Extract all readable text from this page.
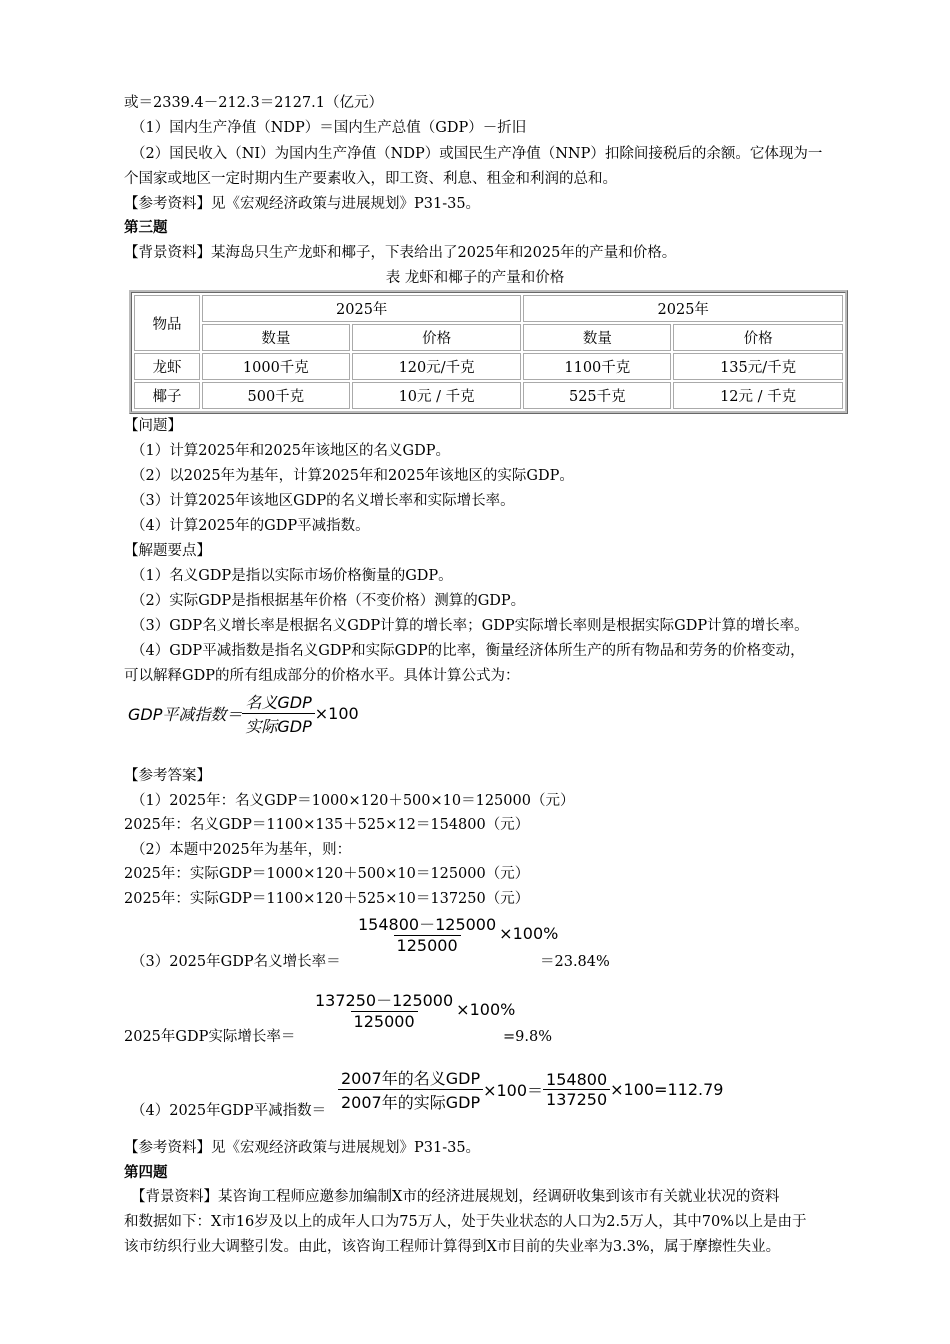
或＝2339.4－212.3＝2127.1（亿元）
（1）国内生产净值（NDP）＝国内生产总值（GDP）－折旧
（2）国民收入（NI）为国内生产净值（NDP）或国民生产净值（NNP）扣除间接税后的余额。它体现为一
个国家或地区一定时期内生产要素收入，即工资、利息、租金和利润的总和。
【参考资料】见《宏观经济政策与进展规划》P31-35。
第三题
【背景资料】某海岛只生产龙虾和椰子，下表给出了2025年和2025年的产量和价格。
表 龙虾和椰子的产量和价格
物品	2025年		2025年	
	数量	价格	数量	价格
龙虾	1000千克	120元/千克	1100千克	135元/千克
椰子	500千克	10元 / 千克	525千克	12元 / 千克
【问题】
（1）计算2025年和2025年该地区的名义GDP。
（2）以2025年为基年，计算2025年和2025年该地区的实际GDP。
（3）计算2025年该地区GDP的名义增长率和实际增长率。
（4）计算2025年的GDP平减指数。
【解题要点】
（1）名义GDP是指以实际市场价格衡量的GDP。
（2）实际GDP是指根据基年价格（不变价格）测算的GDP。
（3）GDP名义增长率是根据名义GDP计算的增长率；GDP实际增长率则是根据实际GDP计算的增长率。
（4）GDP平减指数是指名义GDP和实际GDP的比率，衡量经济体所生产的所有物品和劳务的价格变动，
可以解释GDP的所有组成部分的价格水平。具体计算公式为：
GDP平减指数＝ $\frac{\text{名义GDP}}{\text{实际GDP}} \times 100$
【参考答案】
（1）2025年：名义GDP＝1000×120＋500×10＝125000（元）
2025年：名义GDP＝1100×135＋525×12＝154800（元）
（2）本题中2025年为基年，则：
2025年：实际GDP＝1000×120＋500×10＝125000（元）
2025年：实际GDP＝1100×120＋525×10＝137250（元）
$\frac{154800-125000}{125000} \times 100\%$
（3）2025年GDP名义增长率＝	＝23.84%
$\frac{137250-125000}{125000} \times 100\%$
2025年GDP实际增长率＝	=9.8%
$\frac{\text{2007年的名义GDP}}{\text{2007年的实际GDP}} \times 100= \frac{154800}{137250} \times 100=112.79$
（4）2025年GDP平减指数＝
【参考资料】见《宏观经济政策与进展规划》P31-35。
第四题
【背景资料】某咨询工程师应邀参加编制X市的经济进展规划，经调研收集到该市有关就业状况的资料
和数据如下：X市16岁及以上的成年人口为75万人，处于失业状态的人口为2.5万人，其中70%以上是由于
该市纺织行业大调整引发。由此，该咨询工程师计算得到X市目前的失业率为3.3%，属于摩擦性失业。
